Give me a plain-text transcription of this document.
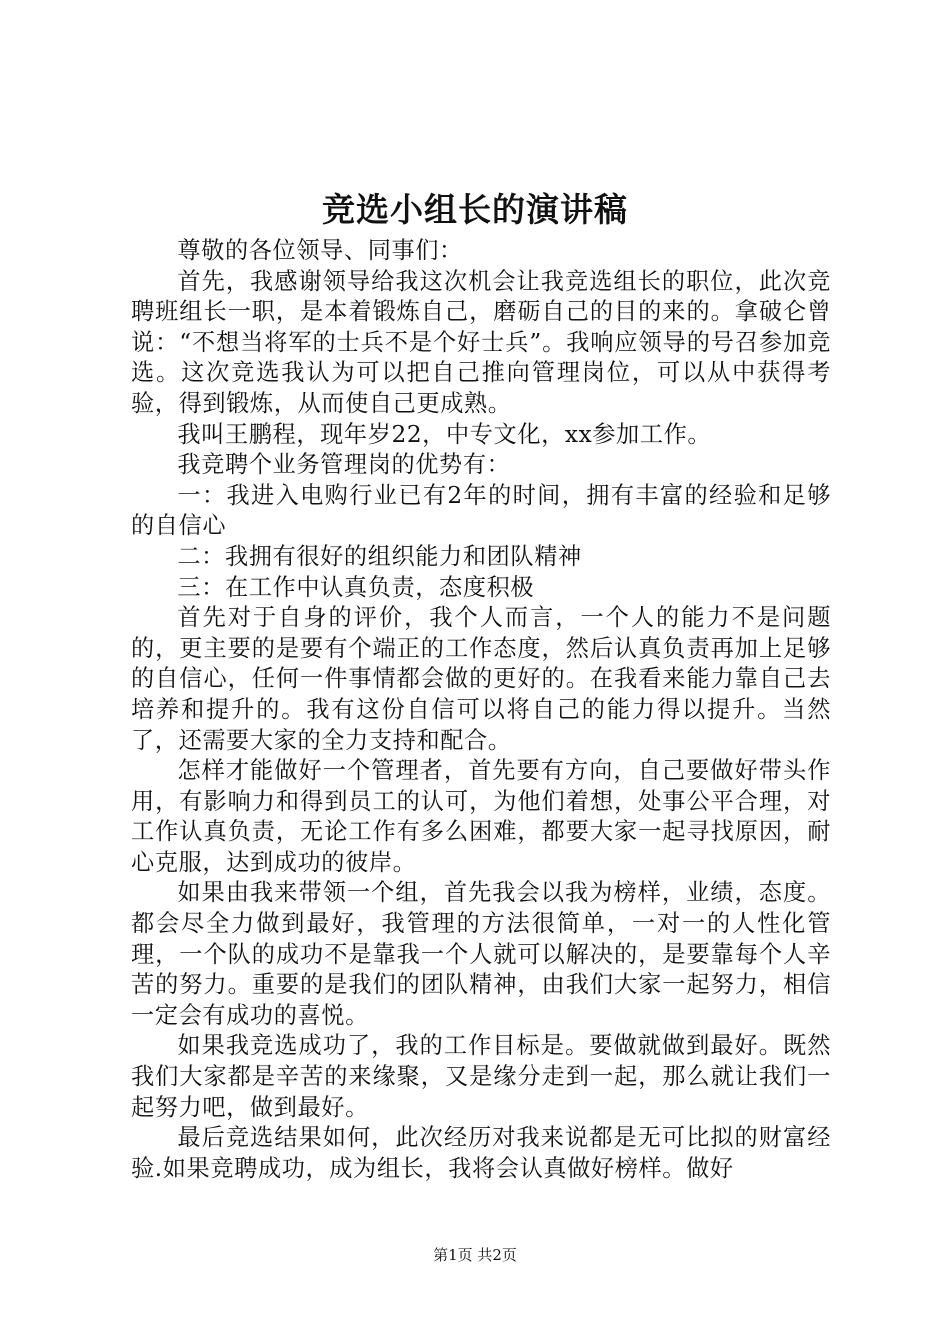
竞选小组长的演讲稿

尊敬的各位领导、同事们：

首先，我感谢领导给我这次机会让我竞选组长的职位，此次竞聘班组长一职，是本着锻炼自己，磨砺自己的目的来的。拿破仑曾说：“不想当将军的士兵不是个好士兵”。我响应领导的号召参加竞选。这次竞选我认为可以把自己推向管理岗位，可以从中获得考验，得到锻炼，从而使自己更成熟。

我叫王鹏程，现年岁22，中专文化，xx参加工作。

我竞聘个业务管理岗的优势有：

一：我进入电购行业已有2年的时间，拥有丰富的经验和足够的自信心

二：我拥有很好的组织能力和团队精神

三：在工作中认真负责，态度积极

首先对于自身的评价，我个人而言，一个人的能力不是问题的，更主要的是要有个端正的工作态度，然后认真负责再加上足够的自信心，任何一件事情都会做的更好的。在我看来能力靠自己去培养和提升的。我有这份自信可以将自己的能力得以提升。当然了，还需要大家的全力支持和配合。

怎样才能做好一个管理者，首先要有方向，自己要做好带头作用，有影响力和得到员工的认可，为他们着想，处事公平合理，对工作认真负责，无论工作有多么困难，都要大家一起寻找原因，耐心克服，达到成功的彼岸。

如果由我来带领一个组，首先我会以我为榜样，业绩，态度。都会尽全力做到最好，我管理的方法很简单，一对一的人性化管理，一个队的成功不是靠我一个人就可以解决的，是要靠每个人辛苦的努力。重要的是我们的团队精神，由我们大家一起努力，相信一定会有成功的喜悦。

如果我竞选成功了，我的工作目标是。要做就做到最好。既然我们大家都是辛苦的来缘聚，又是缘分走到一起，那么就让我们一起努力吧，做到最好。

最后竞选结果如何，此次经历对我来说都是无可比拟的财富经验.如果竞聘成功，成为组长，我将会认真做好榜样。做好

第1页 共2页
